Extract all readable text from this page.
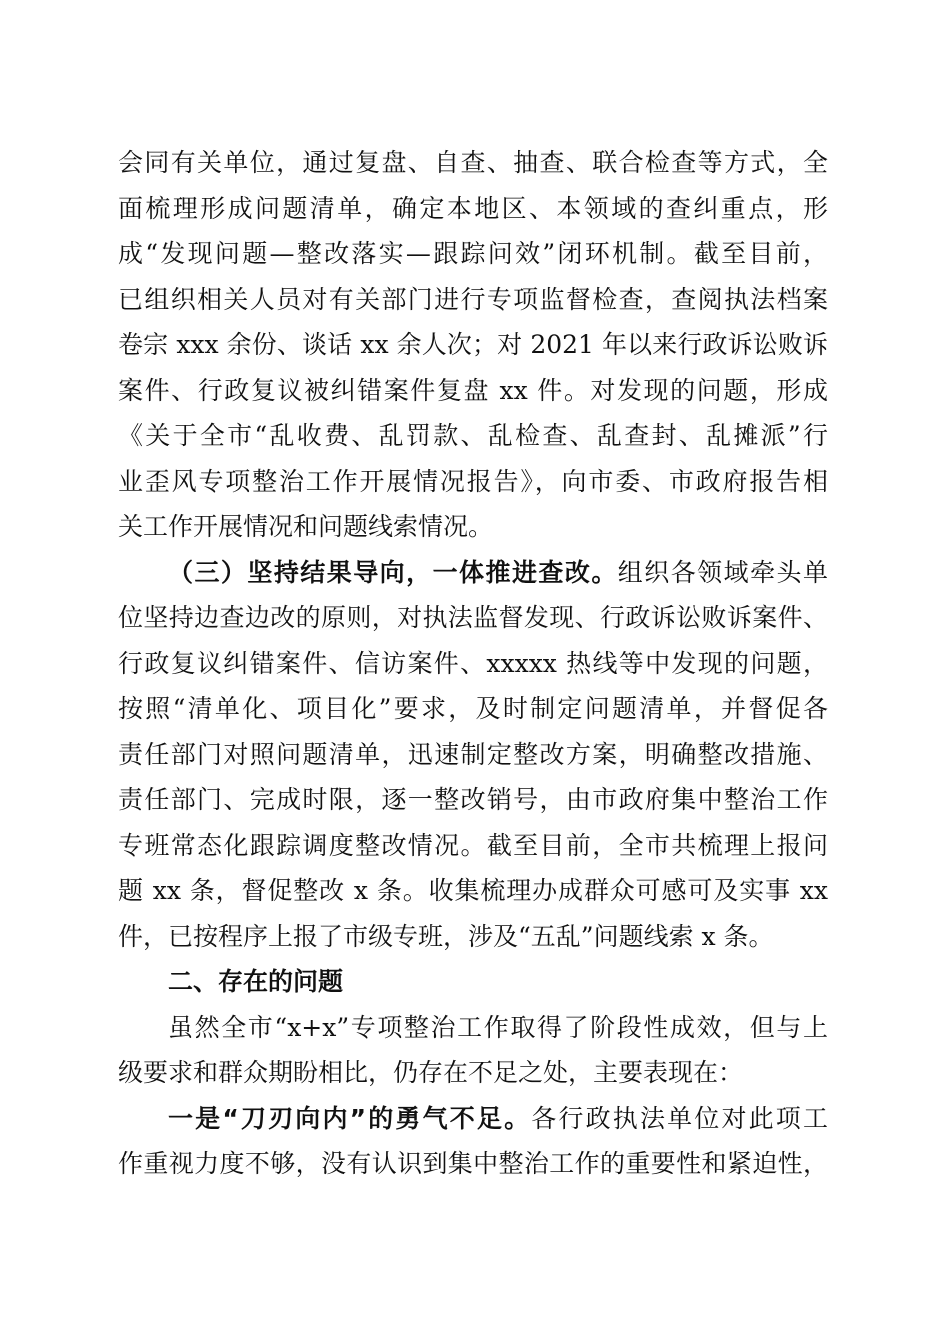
会同有关单位，通过复盘、自查、抽查、联合检查等方式，全
面梳理形成问题清单，确定本地区、本领域的查纠重点，形
成“发现问题—整改落实—跟踪问效”闭环机制。截至目前，
已组织相关人员对有关部门进行专项监督检查，查阅执法档案
卷宗 xxx 余份、谈话 xx 余人次；对 2021 年以来行政诉讼败诉
案件、行政复议被纠错案件复盘 xx 件。对发现的问题，形成
《关于全市“乱收费、乱罚款、乱检查、乱查封、乱摊派”行
业歪风专项整治工作开展情况报告》，向市委、市政府报告相
关工作开展情况和问题线索情况。
（三）坚持结果导向，一体推进查改。组织各领域牵头单
位坚持边查边改的原则，对执法监督发现、行政诉讼败诉案件、
行政复议纠错案件、信访案件、xxxxx 热线等中发现的问题，
按照“清单化、项目化”要求，及时制定问题清单，并督促各
责任部门对照问题清单，迅速制定整改方案，明确整改措施、
责任部门、完成时限，逐一整改销号，由市政府集中整治工作
专班常态化跟踪调度整改情况。截至目前，全市共梳理上报问
题 xx 条，督促整改 x 条。收集梳理办成群众可感可及实事 xx
件，已按程序上报了市级专班，涉及“五乱”问题线索 x 条。
二、存在的问题
虽然全市“x+x”专项整治工作取得了阶段性成效，但与上
级要求和群众期盼相比，仍存在不足之处，主要表现在：
一是“刀刃向内”的勇气不足。各行政执法单位对此项工
作重视力度不够，没有认识到集中整治工作的重要性和紧迫性，
